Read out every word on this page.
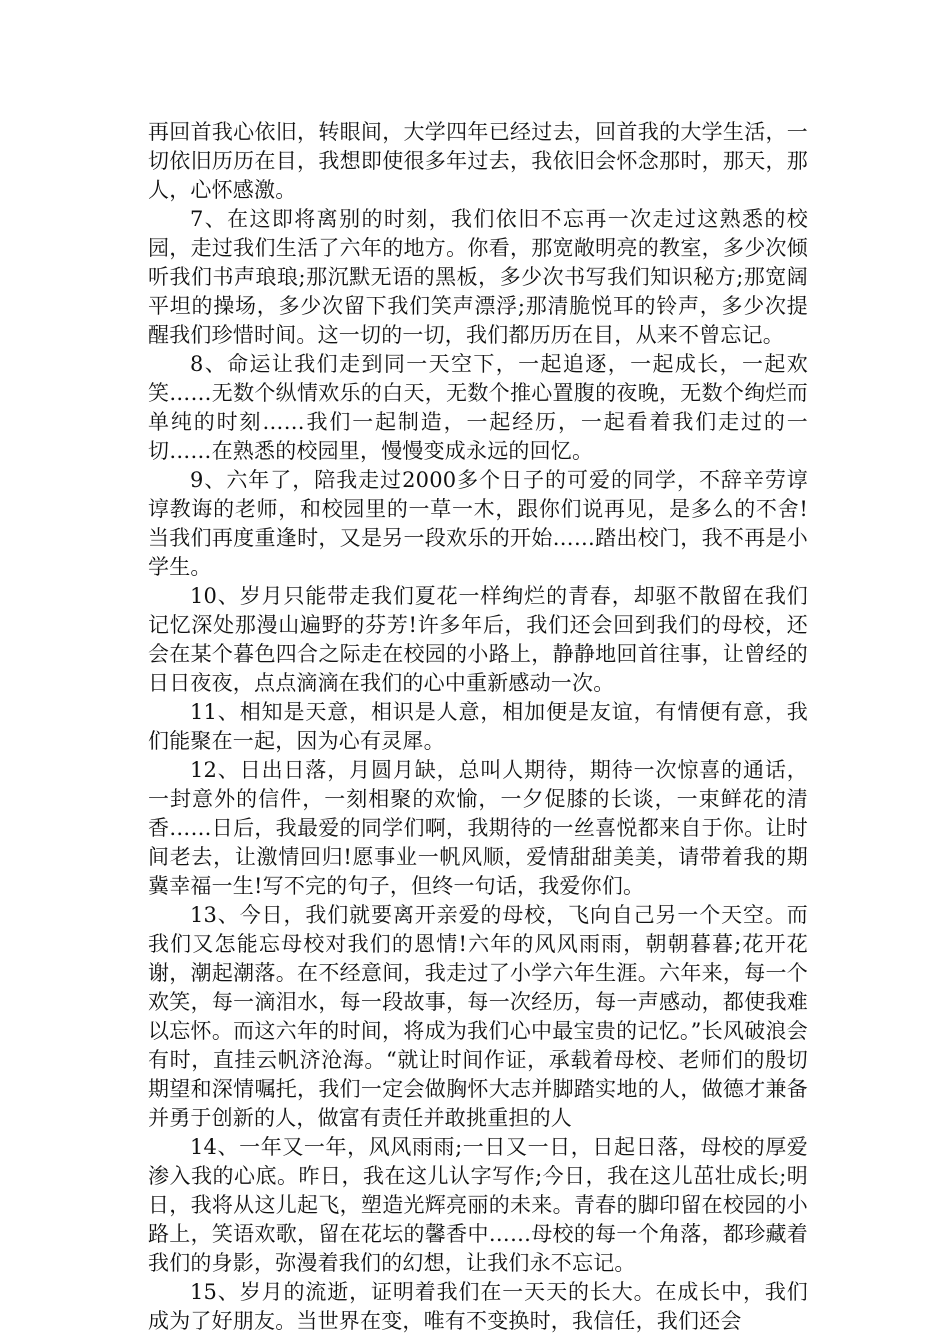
再回首我心依旧，转眼间，大学四年已经过去，回首我的大学生活，一切依旧历历在目，我想即使很多年过去，我依旧会怀念那时，那天，那人，心怀感激。

7、在这即将离别的时刻，我们依旧不忘再一次走过这熟悉的校园，走过我们生活了六年的地方。你看，那宽敞明亮的教室，多少次倾听我们书声琅琅;那沉默无语的黑板，多少次书写我们知识秘方;那宽阔平坦的操场，多少次留下我们笑声漂浮;那清脆悦耳的铃声，多少次提醒我们珍惜时间。这一切的一切，我们都历历在目，从来不曾忘记。

8、命运让我们走到同一天空下，一起追逐，一起成长，一起欢笑……无数个纵情欢乐的白天，无数个推心置腹的夜晚，无数个绚烂而单纯的时刻……我们一起制造，一起经历，一起看着我们走过的一切……在熟悉的校园里，慢慢变成永远的回忆。

9、六年了，陪我走过2000多个日子的可爱的同学，不辞辛劳谆谆教诲的老师，和校园里的一草一木，跟你们说再见，是多么的不舍!当我们再度重逢时，又是另一段欢乐的开始……踏出校门，我不再是小学生。

10、岁月只能带走我们夏花一样绚烂的青春，却驱不散留在我们记忆深处那漫山遍野的芬芳!许多年后，我们还会回到我们的母校，还会在某个暮色四合之际走在校园的小路上，静静地回首往事，让曾经的日日夜夜，点点滴滴在我们的心中重新感动一次。

11、相知是天意，相识是人意，相加便是友谊，有情便有意，我们能聚在一起，因为心有灵犀。

12、日出日落，月圆月缺，总叫人期待，期待一次惊喜的通话，一封意外的信件，一刻相聚的欢愉，一夕促膝的长谈，一束鲜花的清香……日后，我最爱的同学们啊，我期待的一丝喜悦都来自于你。让时间老去，让激情回归!愿事业一帆风顺，爱情甜甜美美，请带着我的期冀幸福一生!写不完的句子，但终一句话，我爱你们。

13、今日，我们就要离开亲爱的母校，飞向自己另一个天空。而我们又怎能忘母校对我们的恩情!六年的风风雨雨，朝朝暮暮;花开花谢，潮起潮落。在不经意间，我走过了小学六年生涯。六年来，每一个欢笑，每一滴泪水，每一段故事，每一次经历，每一声感动，都使我难以忘怀。而这六年的时间，将成为我们心中最宝贵的记忆。”长风破浪会有时，直挂云帆济沧海。“就让时间作证，承载着母校、老师们的殷切期望和深情嘱托，我们一定会做胸怀大志并脚踏实地的人，做德才兼备并勇于创新的人，做富有责任并敢挑重担的人

14、一年又一年，风风雨雨;一日又一日，日起日落，母校的厚爱渗入我的心底。昨日，我在这儿认字写作;今日，我在这儿茁壮成长;明日，我将从这儿起飞，塑造光辉亮丽的未来。青春的脚印留在校园的小路上，笑语欢歌，留在花坛的馨香中……母校的每一个角落，都珍藏着我们的身影，弥漫着我们的幻想，让我们永不忘记。

15、岁月的流逝，证明着我们在一天天的长大。在成长中，我们成为了好朋友。当世界在变，唯有不变换时，我信任，我们还会
